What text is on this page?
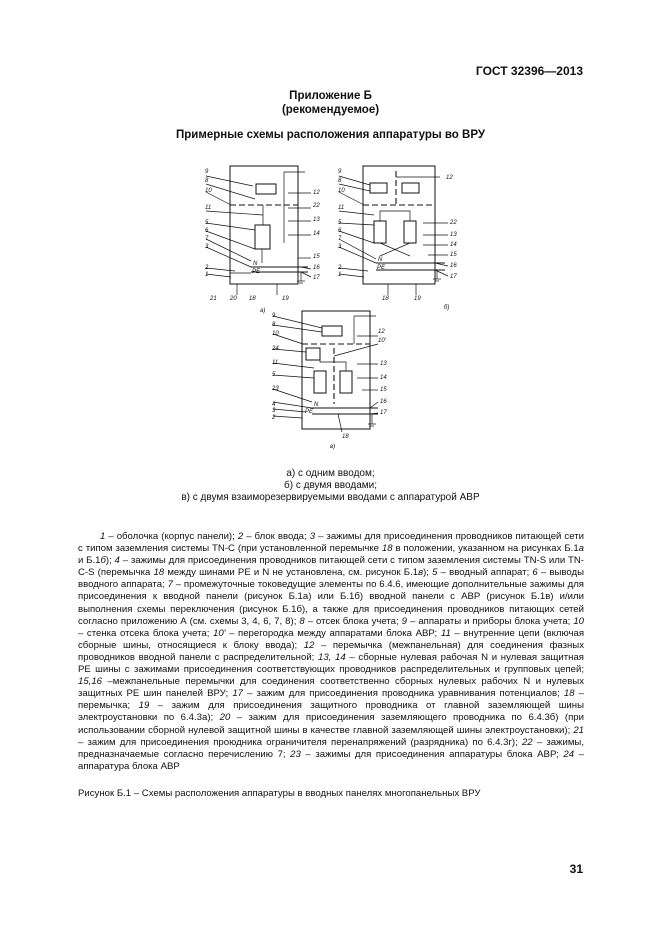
ГОСТ 32396—2013
Приложение Б
(рекомендуемое)
Примерные схемы расположения аппаратуры во ВРУ
9
8
10
11
5
6
7
3
2
1
12
22
13
14
15
16
17
21 20 18	19
PE
N
а)
9
8
10
11
5
6
7
3
2
1
12
22
13
14
15
16
17
18	19
PE
N
б)
9
8
10
24
11
5
23
4
3
2
12
10'
13
14
15
16
17
18
PE
N
в)
а) с одним вводом;
б) с двумя вводами;
в) с двумя взаиморезервируемыми вводами с аппаратурой АВР

1 – оболочка (корпус панели); 2 – блок ввода; 3 – зажимы для присоединения проводников питающей сети с типом заземления системы TN-C (при установленной перемычке 18 в положении, указанном на рисунках Б.1а и Б.1б); 4 – зажимы для присоединения проводников питающей сети с типом заземления системы TN-S или TN-C-S (перемычка 18 между шинами PE и N не установлена, см. рисунок Б.1в); 5 – вводный аппарат; 6 – выводы вводного аппарата; 7 – промежуточные токоведущие элементы по 6.4.6, имеющие дополнительные зажимы для присоединения к вводной панели (рисунок Б.1а) или Б.1б) вводной панели с АВР (рисунок Б.1в) и/или выполнения схемы переключения (рисунок Б.1б), а также для присоединения проводников питающих сетей согласно приложению А (см. схемы 3, 4, 6, 7, 8); 8 – отсек блока учета; 9 – аппараты и приборы блока учета; 10 – стенка отсека блока учета; 10' – перегородка между аппаратами блока АВР; 11 – внутренние цепи (включая сборные шины, относящиеся к блоку ввода); 12 – перемычка (межпанельная) для соединения фазных проводников вводной панели с распределительной; 13, 14 – сборные нулевая рабочая N и нулевая защитная PE шины с зажимами присоединения соответствующих проводников распределительных и групповых цепей; 15,16 –межпанельные перемычки для соединения соответственно сборных нулевых рабочих N и нулевых защитных PE шин панелей ВРУ; 17 – зажим для присоединения проводника уравнивания потенциалов; 18 – перемычка; 19 – зажим для присоединения защитного проводника от главной заземляющей шины электроустановки по 6.4.3а); 20 – зажим для присоединения заземляющего проводника по 6.4.3б) (при использовании сборной нулевой защитной шины в качестве главной заземляющей шины электроустановки); 21 – зажим для присоединения проюдника ограничителя перенапряжений (разрядника) по 6.4.3г); 22 – зажимы, предназначаемые согласно перечислению 7; 23 – зажимы для присоединения аппаратуры блока АВР; 24 – аппаратура блока АВР

Рисунок Б.1 – Схемы расположения аппаратуры в вводных панелях многопанельных ВРУ
31
